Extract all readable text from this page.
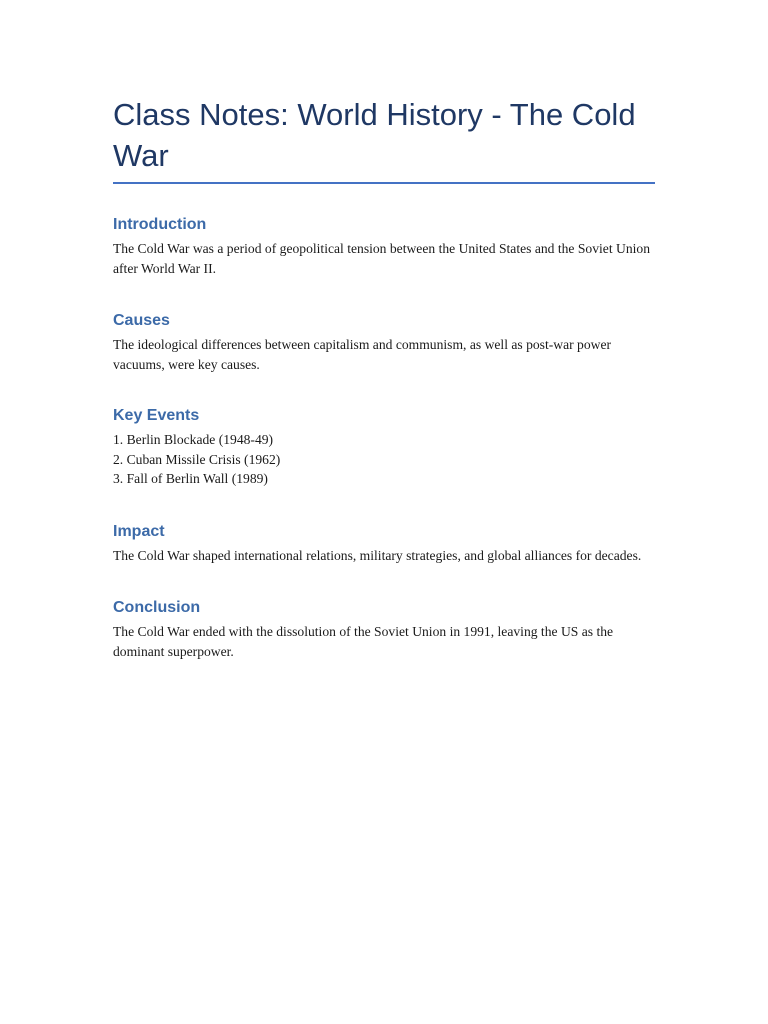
Class Notes: World History - The Cold War
Introduction

The Cold War was a period of geopolitical tension between the United States and the Soviet Union after World War II.

Causes

The ideological differences between capitalism and communism, as well as post-war power vacuums, were key causes.

Key Events
1. Berlin Blockade (1948-49)
2. Cuban Missile Crisis (1962)
3. Fall of Berlin Wall (1989)
Impact

The Cold War shaped international relations, military strategies, and global alliances for decades.

Conclusion

The Cold War ended with the dissolution of the Soviet Union in 1991, leaving the US as the dominant superpower.
